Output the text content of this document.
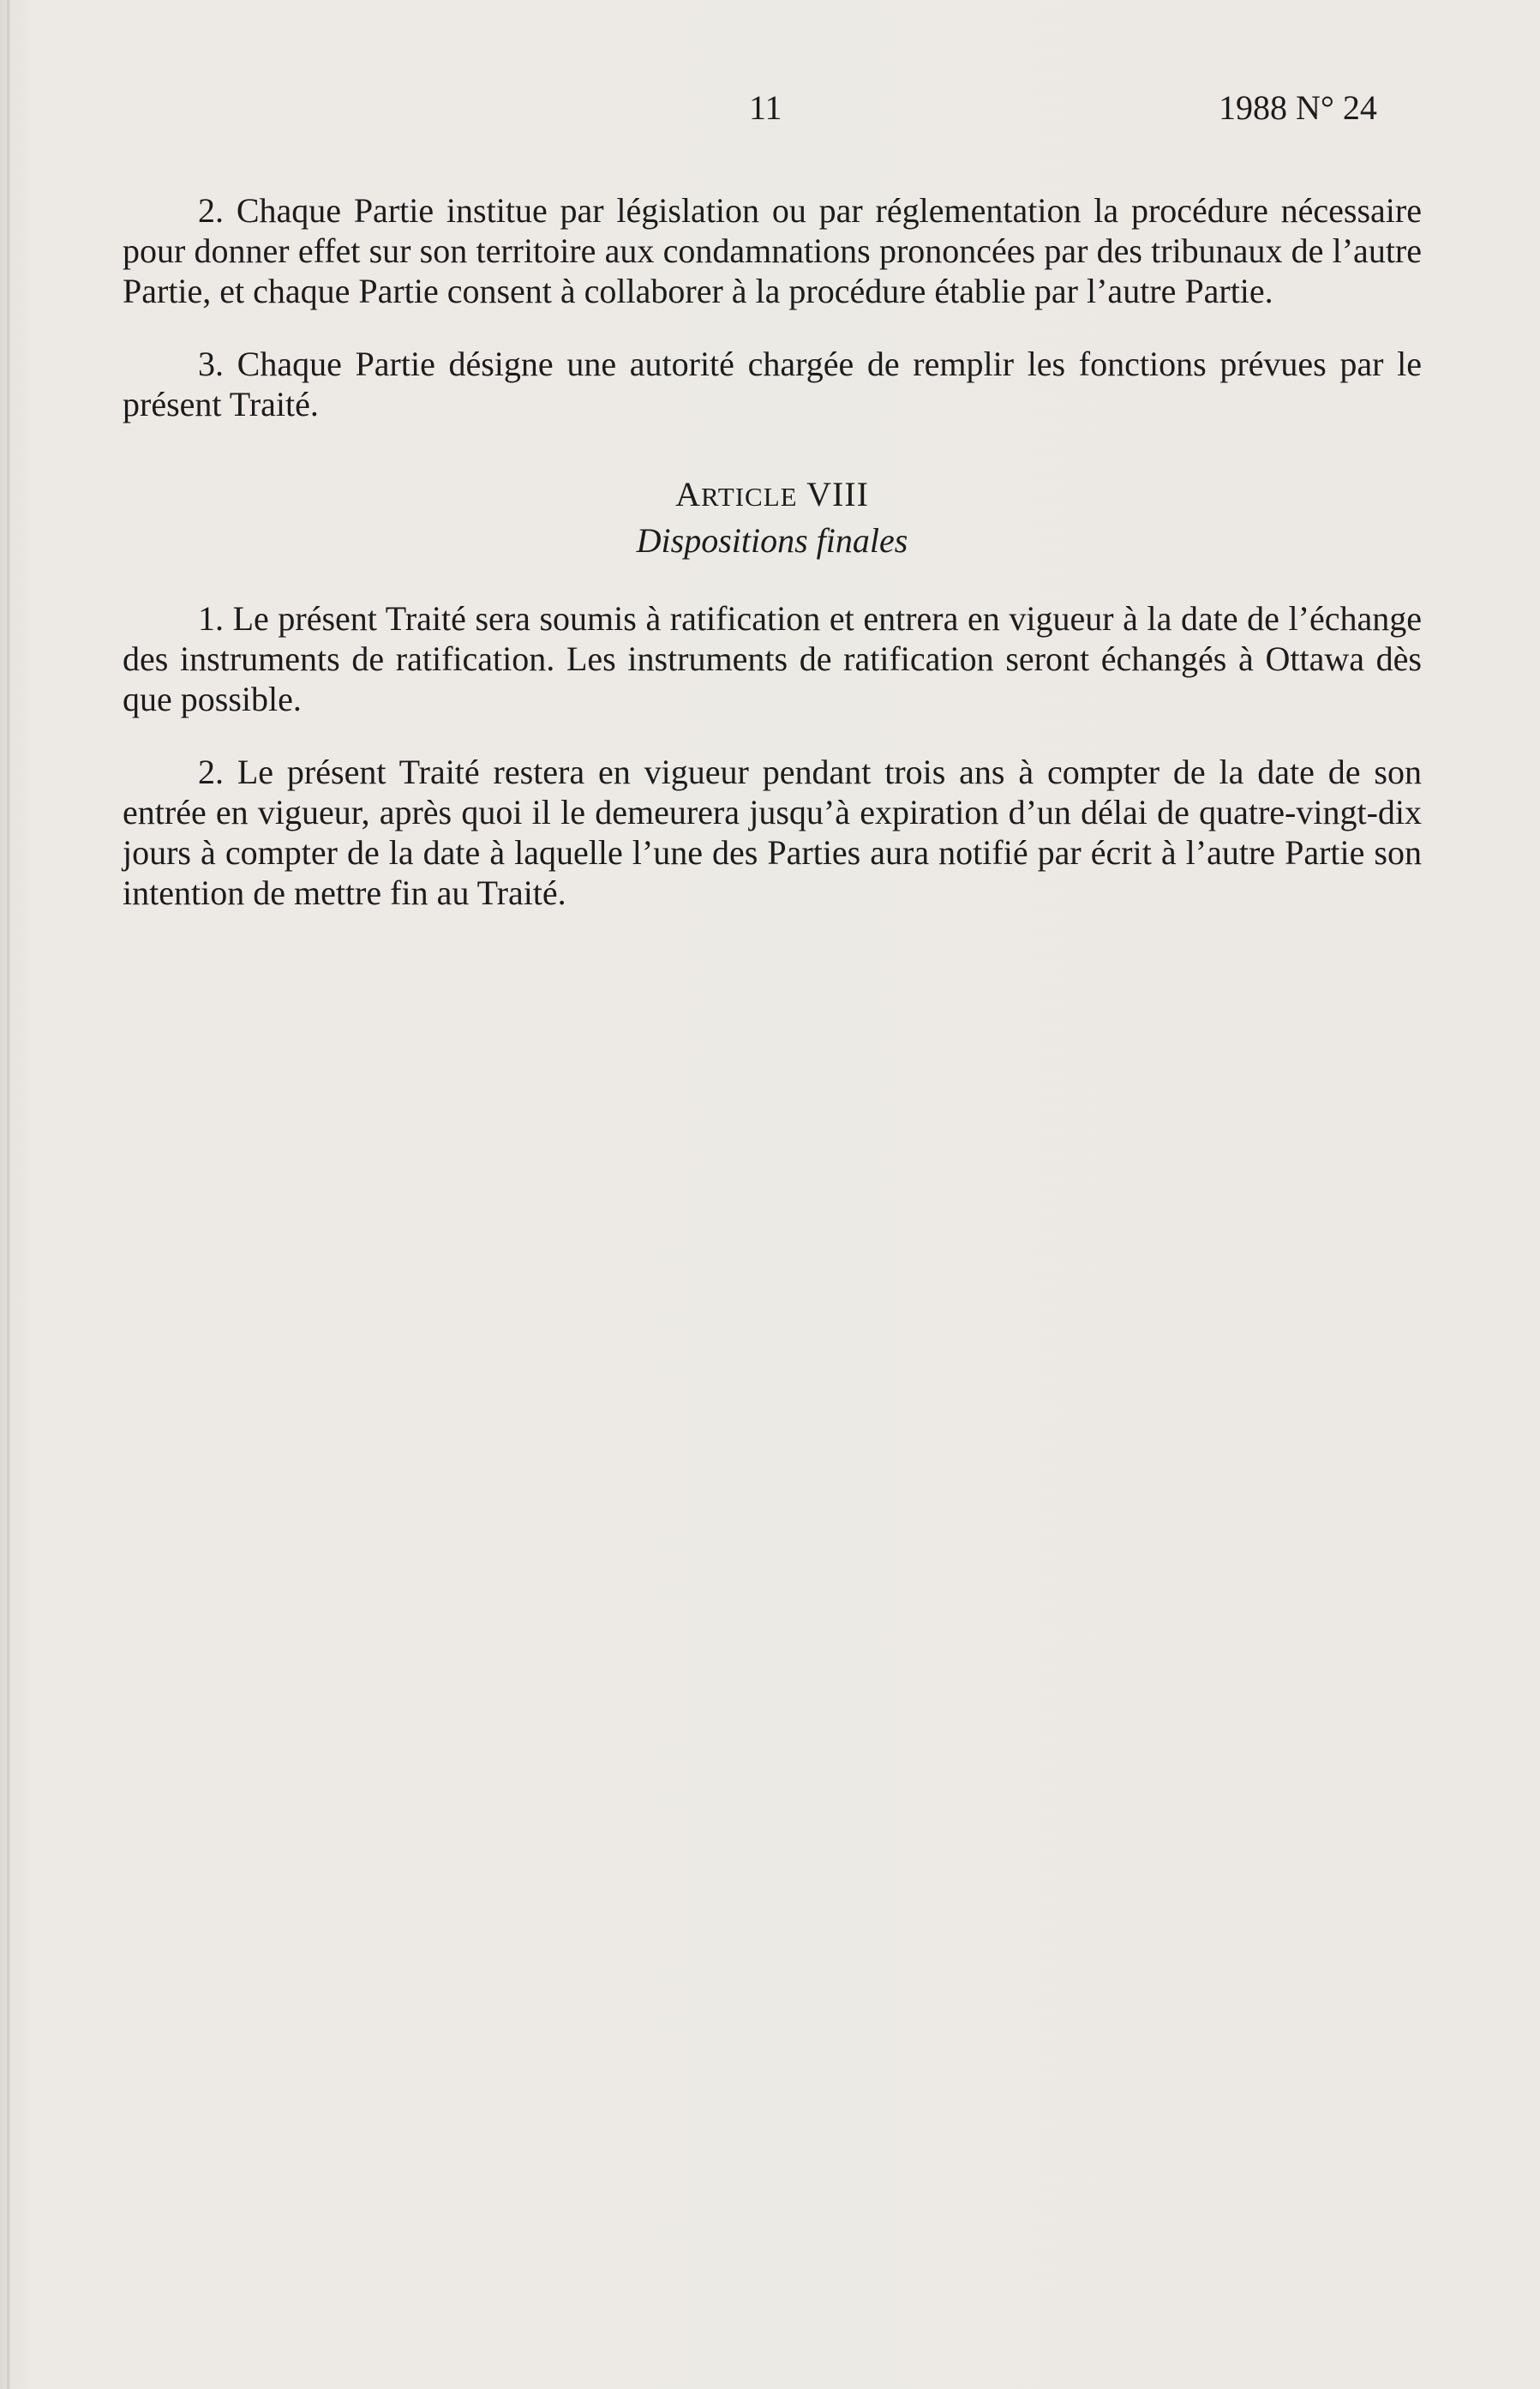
11	1988 N° 24

2. Chaque Partie institue par législation ou par réglementation la procédure nécessaire pour donner effet sur son territoire aux condamnations prononcées par des tribunaux de l’autre Partie, et chaque Partie consent à collaborer à la procédure établie par l’autre Partie.

3. Chaque Partie désigne une autorité chargée de remplir les fonctions prévues par le présent Traité.

ARTICLE VIII
Dispositions finales

1. Le présent Traité sera soumis à ratification et entrera en vigueur à la date de l’échange des instruments de ratification. Les instruments de ratification seront échangés à Ottawa dès que possible.

2. Le présent Traité restera en vigueur pendant trois ans à compter de la date de son entrée en vigueur, après quoi il le demeurera jusqu’à expiration d’un délai de quatre-vingt-dix jours à compter de la date à laquelle l’une des Parties aura notifié par écrit à l’autre Partie son intention de mettre fin au Traité.
